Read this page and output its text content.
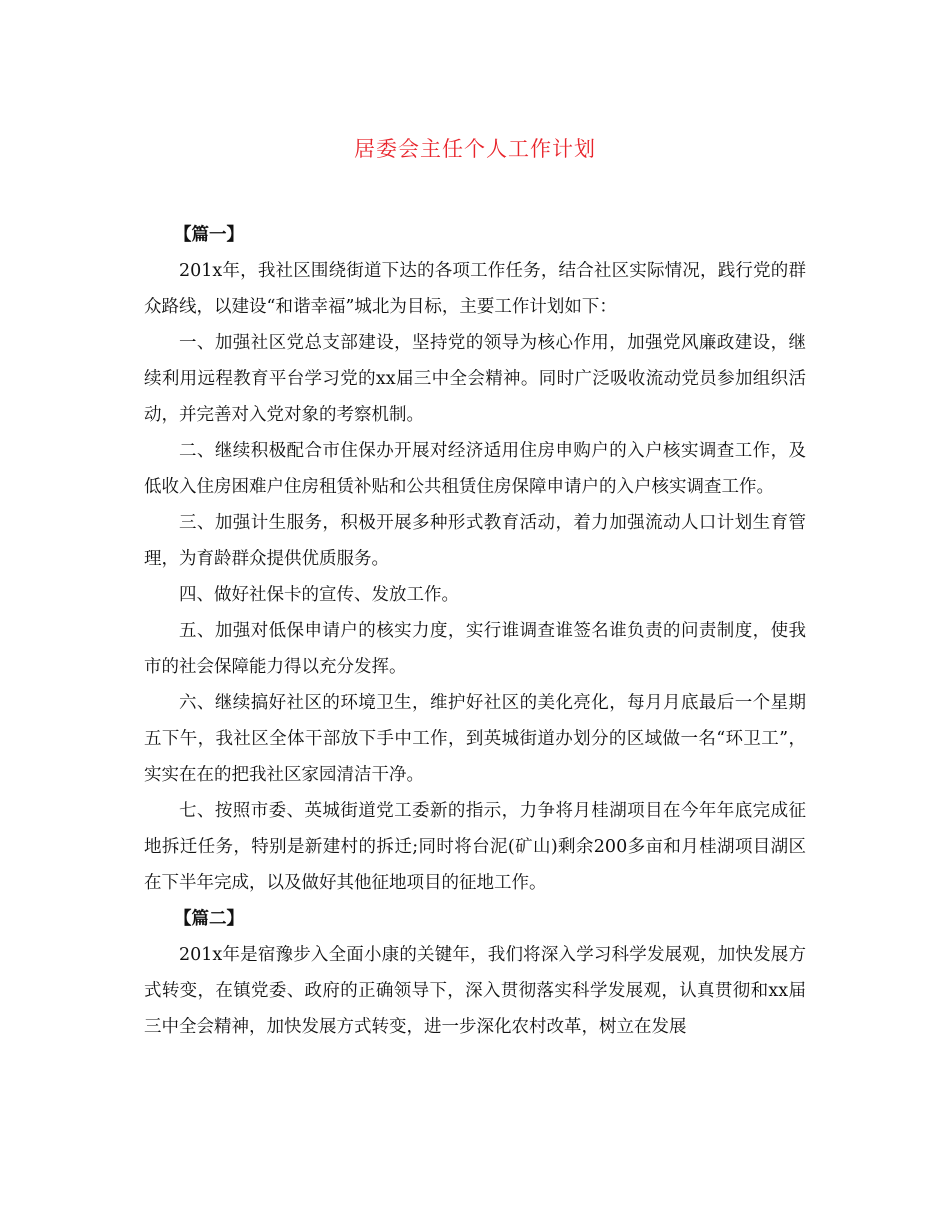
居委会主任个人工作计划

【篇一】

201x年，我社区围绕街道下达的各项工作任务，结合社区实际情况，践行党的群众路线，以建设“和谐幸福”城北为目标，主要工作计划如下：

一、加强社区党总支部建设，坚持党的领导为核心作用，加强党风廉政建设，继续利用远程教育平台学习党的xx届三中全会精神。同时广泛吸收流动党员参加组织活动，并完善对入党对象的考察机制。

二、继续积极配合市住保办开展对经济适用住房申购户的入户核实调查工作，及低收入住房困难户住房租赁补贴和公共租赁住房保障申请户的入户核实调查工作。

三、加强计生服务，积极开展多种形式教育活动，着力加强流动人口计划生育管理，为育龄群众提供优质服务。

四、做好社保卡的宣传、发放工作。

五、加强对低保申请户的核实力度，实行谁调查谁签名谁负责的问责制度，使我市的社会保障能力得以充分发挥。

六、继续搞好社区的环境卫生，维护好社区的美化亮化，每月月底最后一个星期五下午，我社区全体干部放下手中工作，到英城街道办划分的区域做一名“环卫工”，实实在在的把我社区家园清洁干净。

七、按照市委、英城街道党工委新的指示，力争将月桂湖项目在今年年底完成征地拆迁任务，特别是新建村的拆迁;同时将台泥(矿山)剩余200多亩和月桂湖项目湖区在下半年完成，以及做好其他征地项目的征地工作。

【篇二】

201x年是宿豫步入全面小康的关键年，我们将深入学习科学发展观，加快发展方式转变，在镇党委、政府的正确领导下，深入贯彻落实科学发展观，认真贯彻和xx届三中全会精神，加快发展方式转变，进一步深化农村改革，树立在发展
